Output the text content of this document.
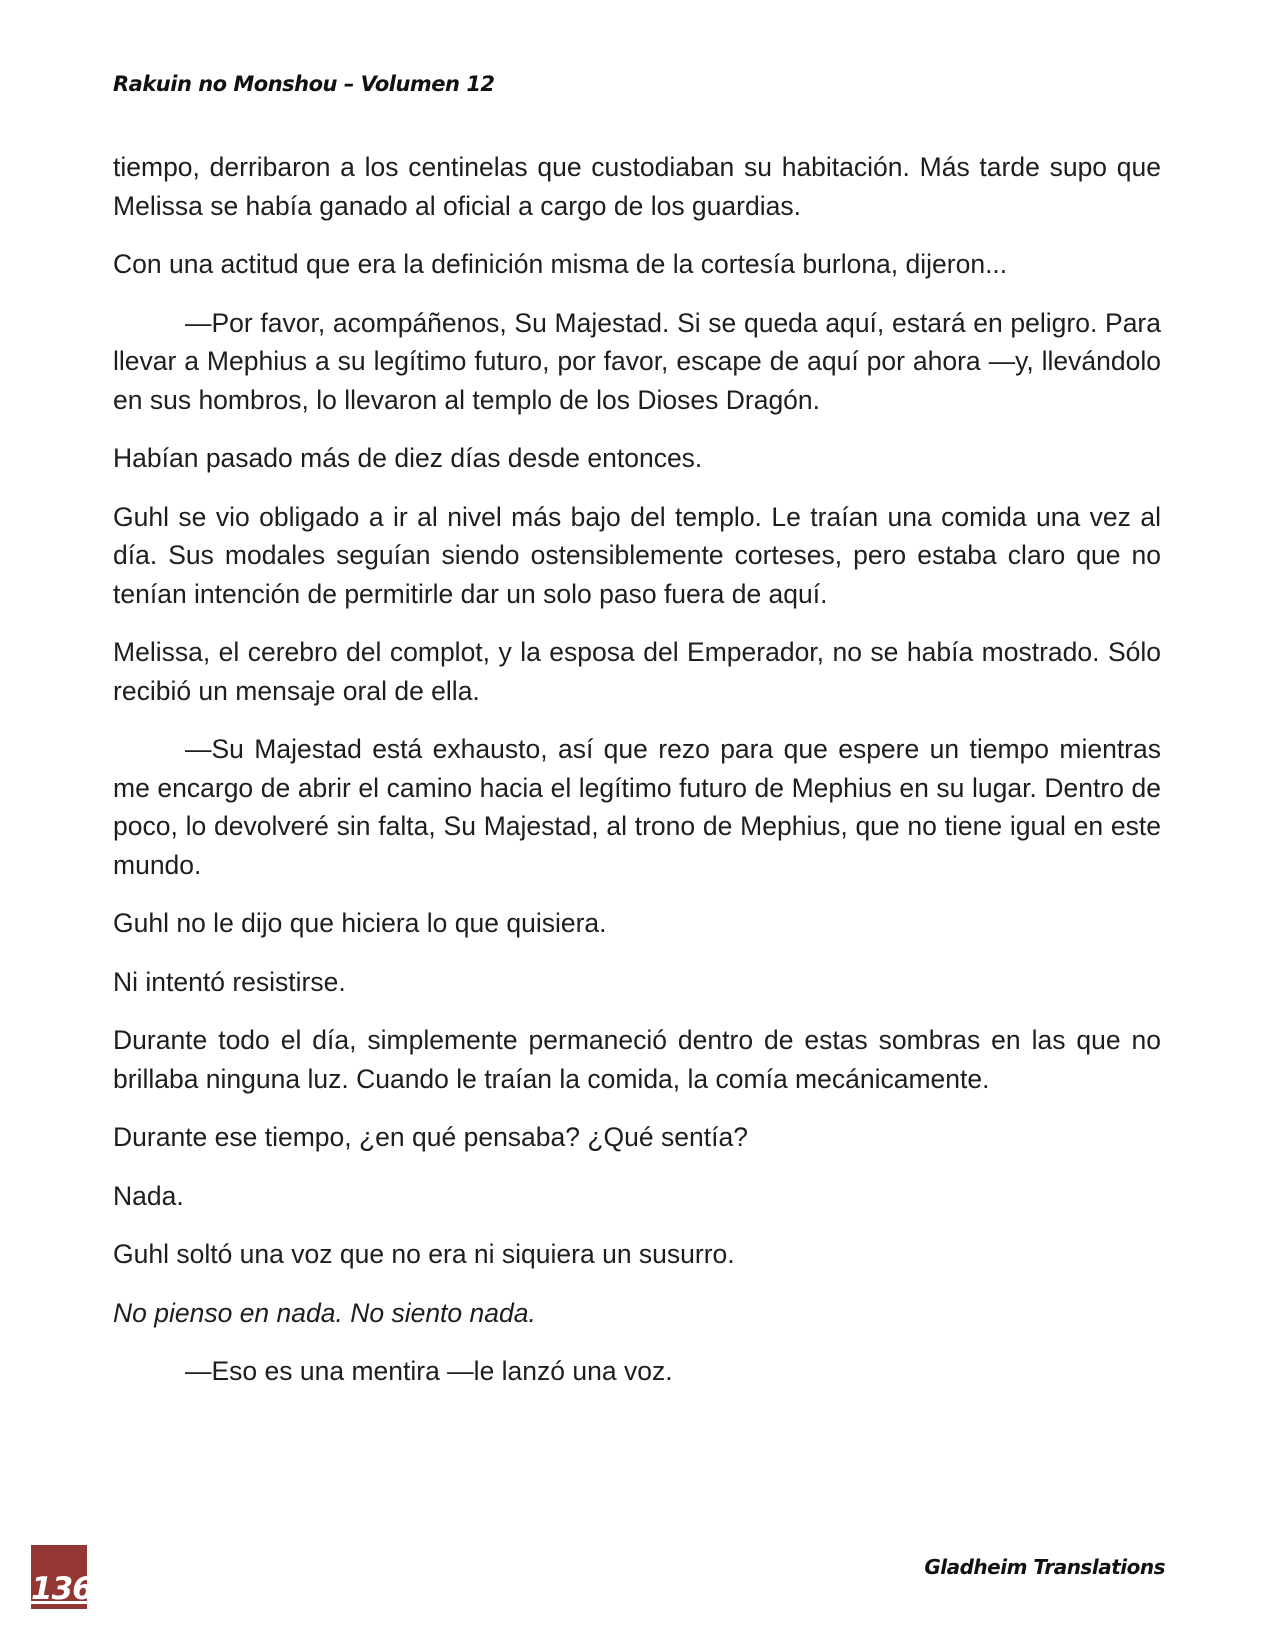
Rakuin no Monshou – Volumen 12

tiempo, derribaron a los centinelas que custodiaban su habitación. Más tarde supo que Melissa se había ganado al oficial a cargo de los guardias.

Con una actitud que era la definición misma de la cortesía burlona, dijeron...

—Por favor, acompáñenos, Su Majestad. Si se queda aquí, estará en peligro. Para llevar a Mephius a su legítimo futuro, por favor, escape de aquí por ahora —y, llevándolo en sus hombros, lo llevaron al templo de los Dioses Dragón.

Habían pasado más de diez días desde entonces.

Guhl se vio obligado a ir al nivel más bajo del templo. Le traían una comida una vez al día. Sus modales seguían siendo ostensiblemente corteses, pero estaba claro que no tenían intención de permitirle dar un solo paso fuera de aquí.

Melissa, el cerebro del complot, y la esposa del Emperador, no se había mostrado. Sólo recibió un mensaje oral de ella.

—Su Majestad está exhausto, así que rezo para que espere un tiempo mientras me encargo de abrir el camino hacia el legítimo futuro de Mephius en su lugar. Dentro de poco, lo devolveré sin falta, Su Majestad, al trono de Mephius, que no tiene igual en este mundo.

Guhl no le dijo que hiciera lo que quisiera.

Ni intentó resistirse.

Durante todo el día, simplemente permaneció dentro de estas sombras en las que no brillaba ninguna luz. Cuando le traían la comida, la comía mecánicamente.

Durante ese tiempo, ¿en qué pensaba? ¿Qué sentía?

Nada.

Guhl soltó una voz que no era ni siquiera un susurro.

No pienso en nada. No siento nada.

—Eso es una mentira —le lanzó una voz.

136
Gladheim Translations
